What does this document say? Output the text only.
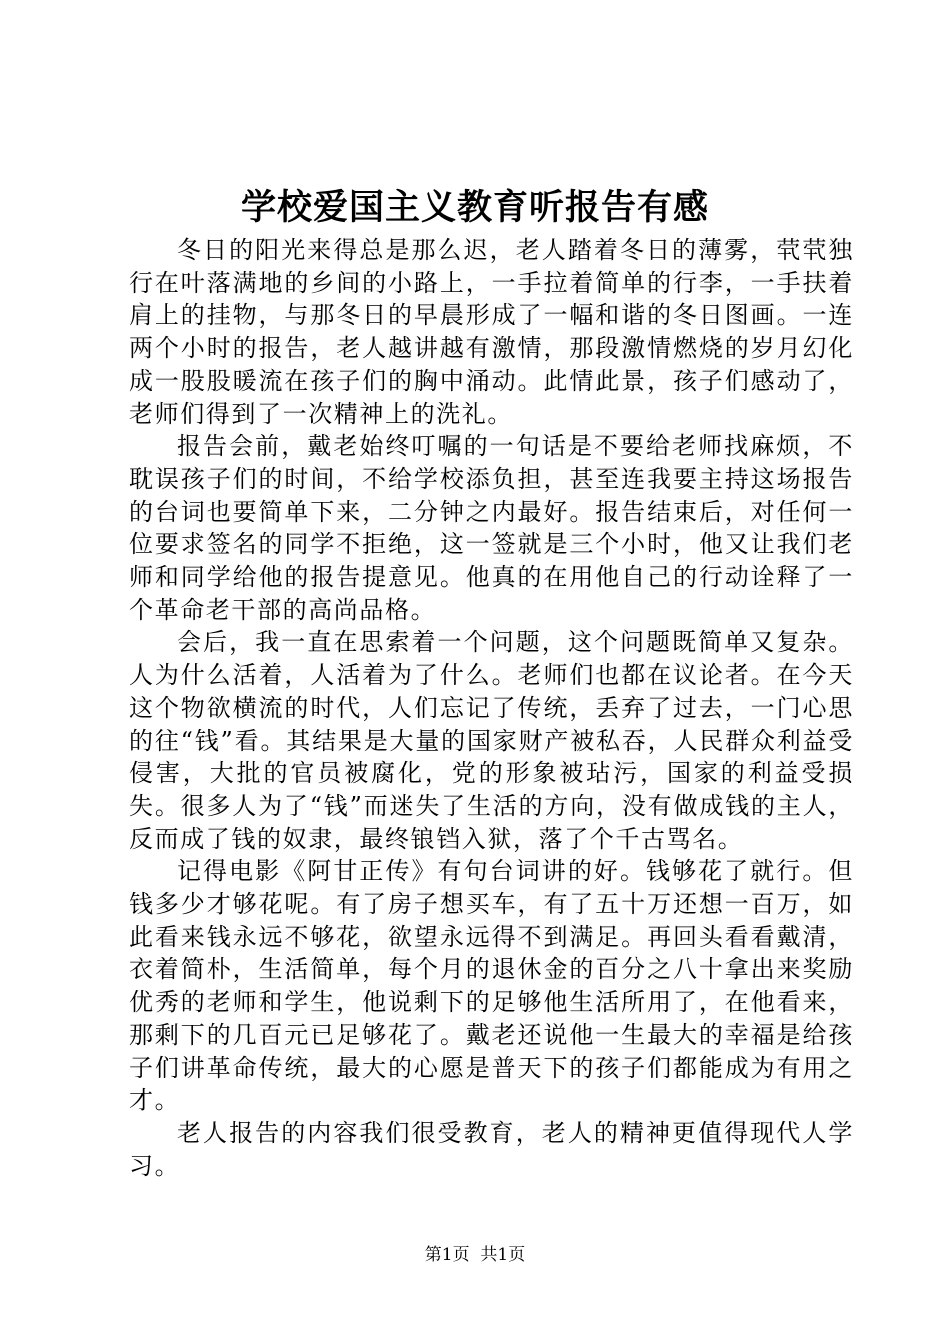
学校爱国主义教育听报告有感

冬日的阳光来得总是那么迟，老人踏着冬日的薄雾，茕茕独行在叶落满地的乡间的小路上，一手拉着简单的行李，一手扶着肩上的挂物，与那冬日的早晨形成了一幅和谐的冬日图画。一连两个小时的报告，老人越讲越有激情，那段激情燃烧的岁月幻化成一股股暖流在孩子们的胸中涌动。此情此景，孩子们感动了，老师们得到了一次精神上的洗礼。

报告会前，戴老始终叮嘱的一句话是不要给老师找麻烦，不耽误孩子们的时间，不给学校添负担，甚至连我要主持这场报告的台词也要简单下来，二分钟之内最好。报告结束后，对任何一位要求签名的同学不拒绝，这一签就是三个小时，他又让我们老师和同学给他的报告提意见。他真的在用他自己的行动诠释了一个革命老干部的高尚品格。

会后，我一直在思索着一个问题，这个问题既简单又复杂。人为什么活着，人活着为了什么。老师们也都在议论者。在今天这个物欲横流的时代，人们忘记了传统，丢弃了过去，一门心思的往“钱”看。其结果是大量的国家财产被私吞，人民群众利益受侵害，大批的官员被腐化，党的形象被玷污，国家的利益受损失。很多人为了“钱”而迷失了生活的方向，没有做成钱的主人，反而成了钱的奴隶，最终锒铛入狱，落了个千古骂名。

记得电影《阿甘正传》有句台词讲的好。钱够花了就行。但钱多少才够花呢。有了房子想买车，有了五十万还想一百万，如此看来钱永远不够花，欲望永远得不到满足。再回头看看戴清，衣着简朴，生活简单，每个月的退休金的百分之八十拿出来奖励优秀的老师和学生，他说剩下的足够他生活所用了，在他看来，那剩下的几百元已足够花了。戴老还说他一生最大的幸福是给孩子们讲革命传统，最大的心愿是普天下的孩子们都能成为有用之才。

老人报告的内容我们很受教育，老人的精神更值得现代人学习。

第1页 共1页
